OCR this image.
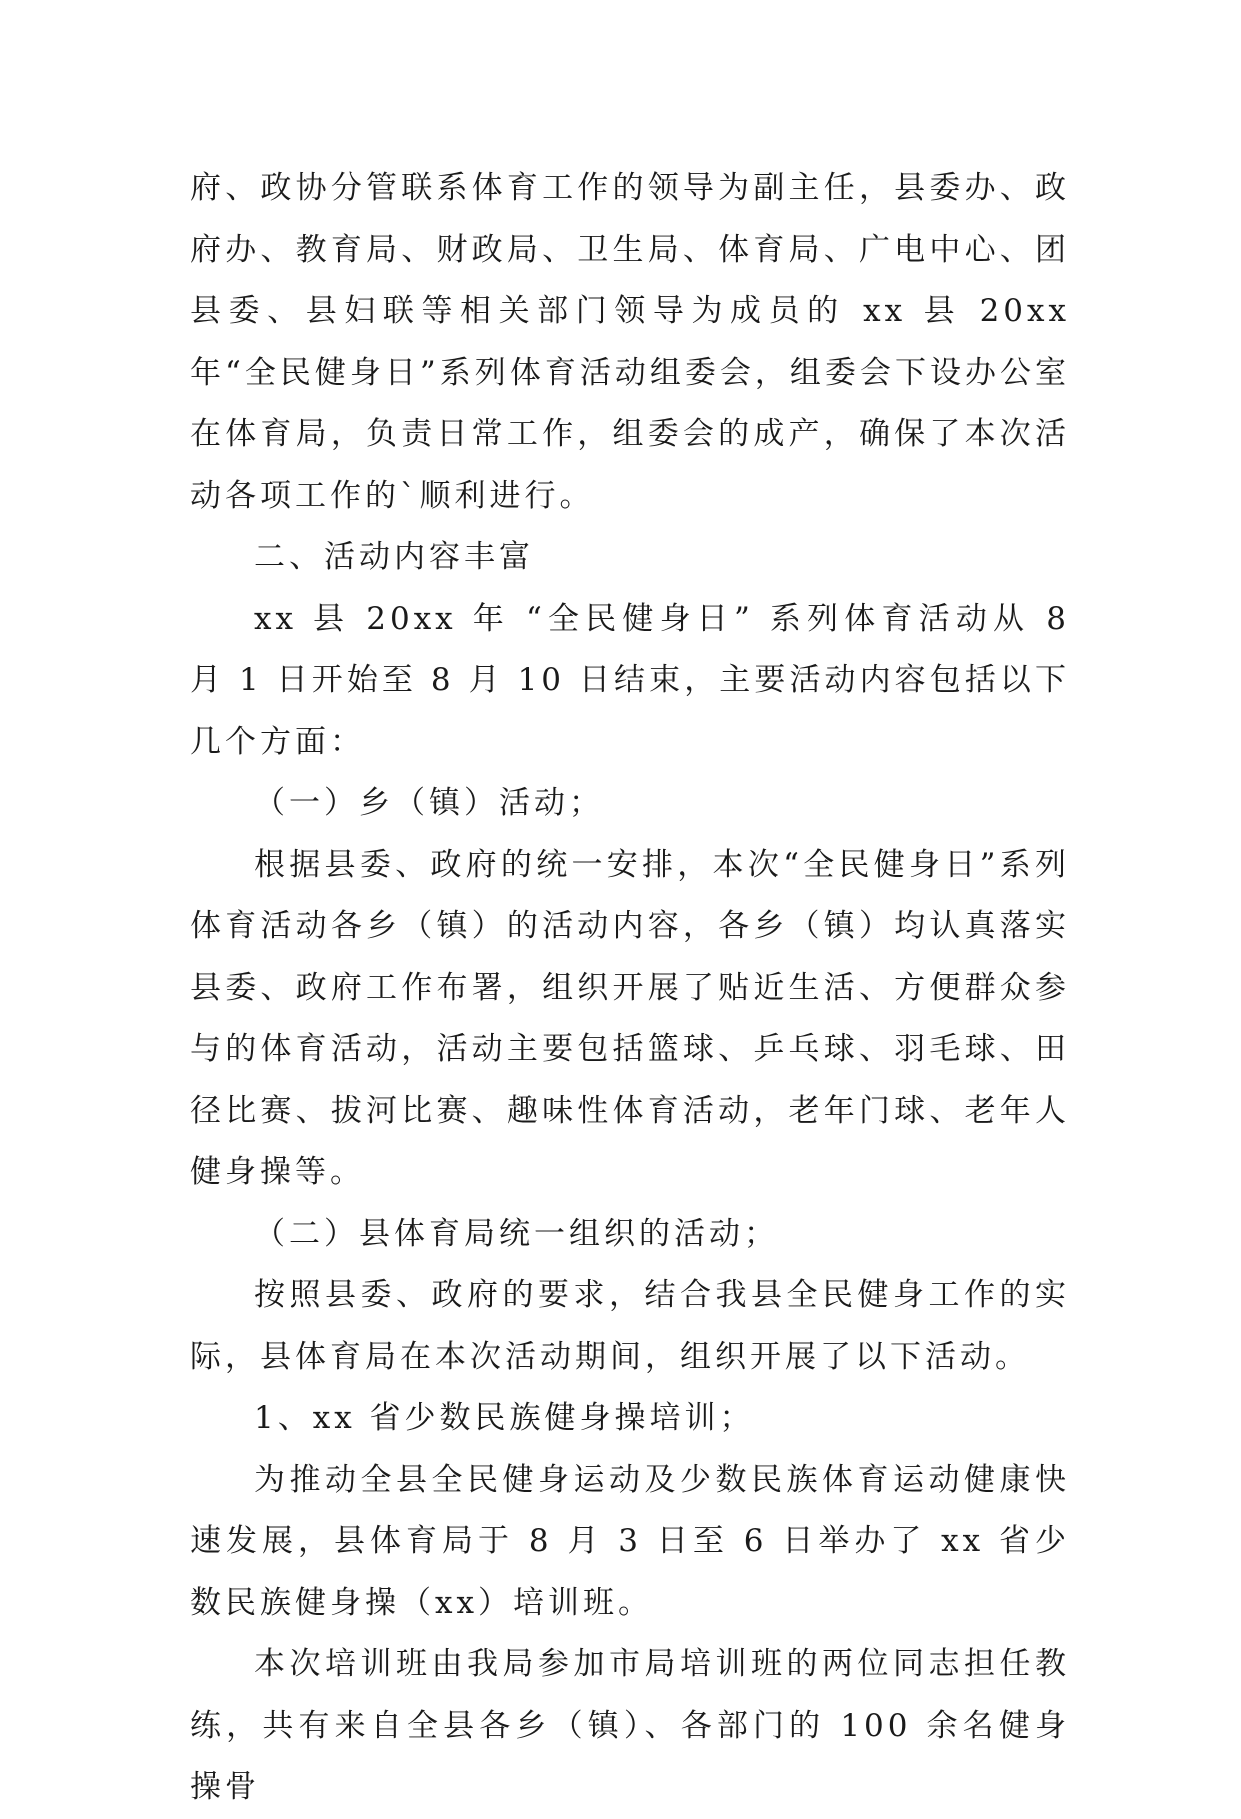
府、政协分管联系体育工作的领导为副主任，县委办、政府办、教育局、财政局、卫生局、体育局、广电中心、团县委、县妇联等相关部门领导为成员的 xx 县 20xx 年“全民健身日”系列体育活动组委会，组委会下设办公室在体育局，负责日常工作，组委会的成产，确保了本次活动各项工作的`顺利进行。

二、活动内容丰富

xx 县 20xx 年 “全民健身日” 系列体育活动从 8 月 1 日开始至 8 月 10 日结束，主要活动内容包括以下几个方面：

（一）乡（镇）活动；

根据县委、政府的统一安排，本次“全民健身日”系列体育活动各乡（镇）的活动内容，各乡（镇）均认真落实县委、政府工作布署，组织开展了贴近生活、方便群众参与的体育活动，活动主要包括篮球、乒乓球、羽毛球、田径比赛、拔河比赛、趣味性体育活动，老年门球、老年人健身操等。

（二）县体育局统一组织的活动；

按照县委、政府的要求，结合我县全民健身工作的实际，县体育局在本次活动期间，组织开展了以下活动。

1、xx 省少数民族健身操培训；

为推动全县全民健身运动及少数民族体育运动健康快速发展，县体育局于 8 月 3 日至 6 日举办了 xx 省少数民族健身操（xx）培训班。

本次培训班由我局参加市局培训班的两位同志担任教练，共有来自全县各乡（镇）、各部门的 100 余名健身操骨
